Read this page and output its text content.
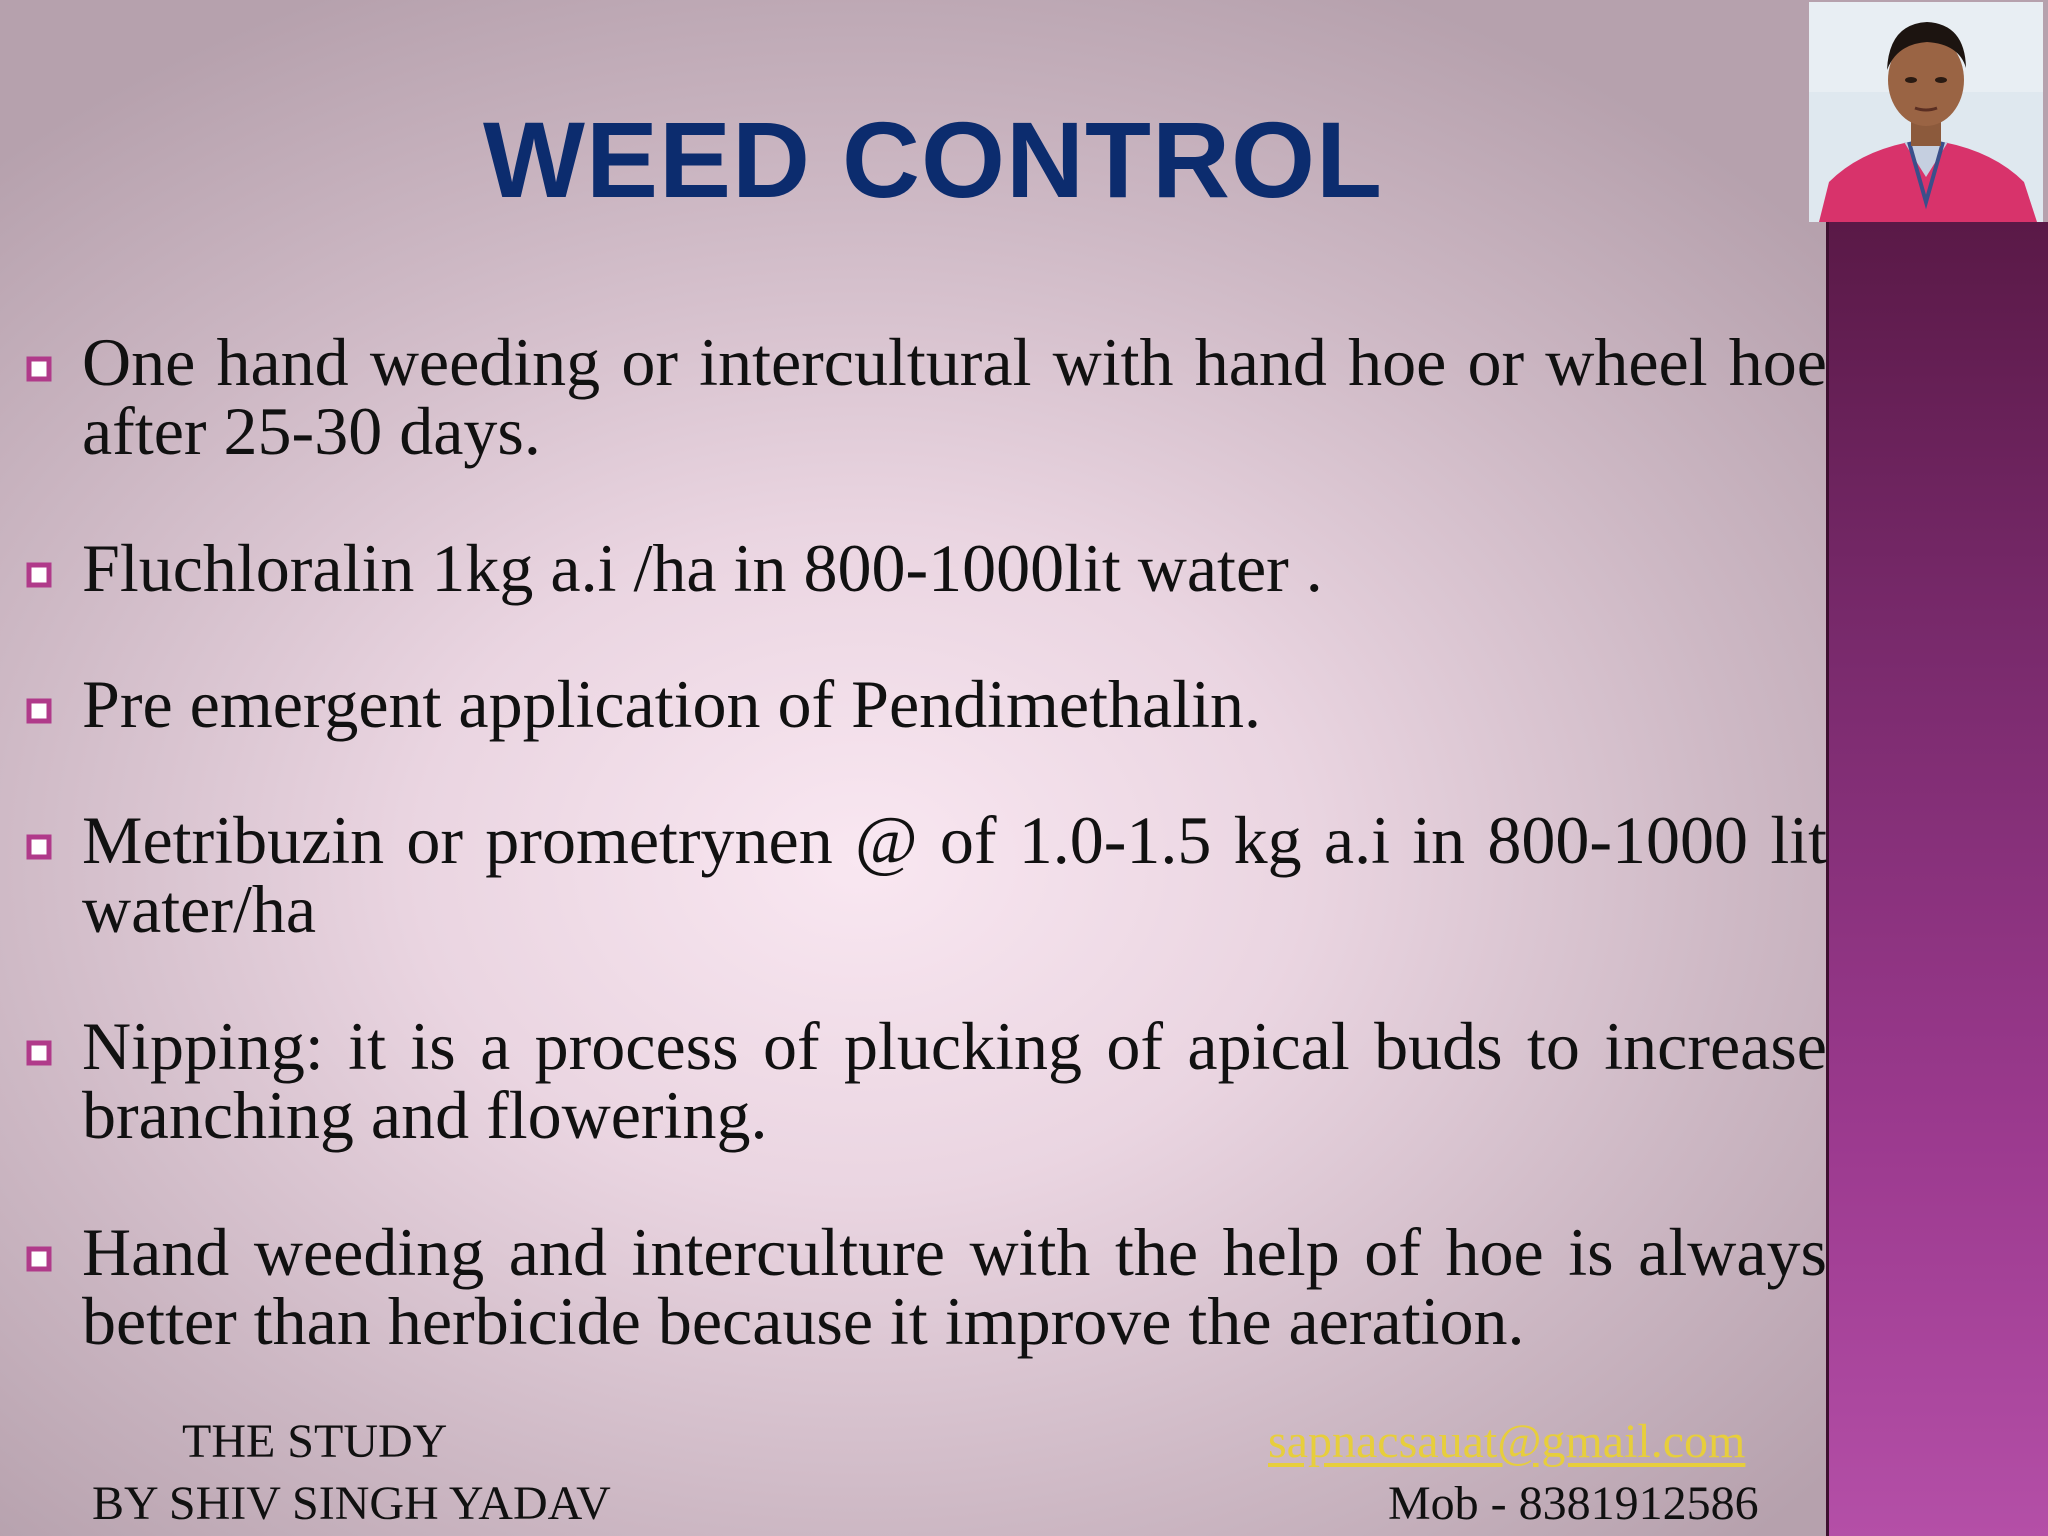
WEED CONTROL

One hand weeding or intercultural with hand hoe or wheel hoe after 25-30 days.

Fluchloralin 1kg a.i /ha in 800-1000lit water .

Pre emergent application of Pendimethalin.

Metribuzin or prometrynen @ of 1.0-1.5 kg a.i in 800-1000 lit water/ha

Nipping: it is a process of plucking of apical buds to increase branching and flowering.

Hand weeding and interculture with the help of hoe is always better than herbicide because it improve the aeration.

THE STUDY
BY SHIV SINGH YADAV
sapnacsauat@gmail.com
Mob - 8381912586
